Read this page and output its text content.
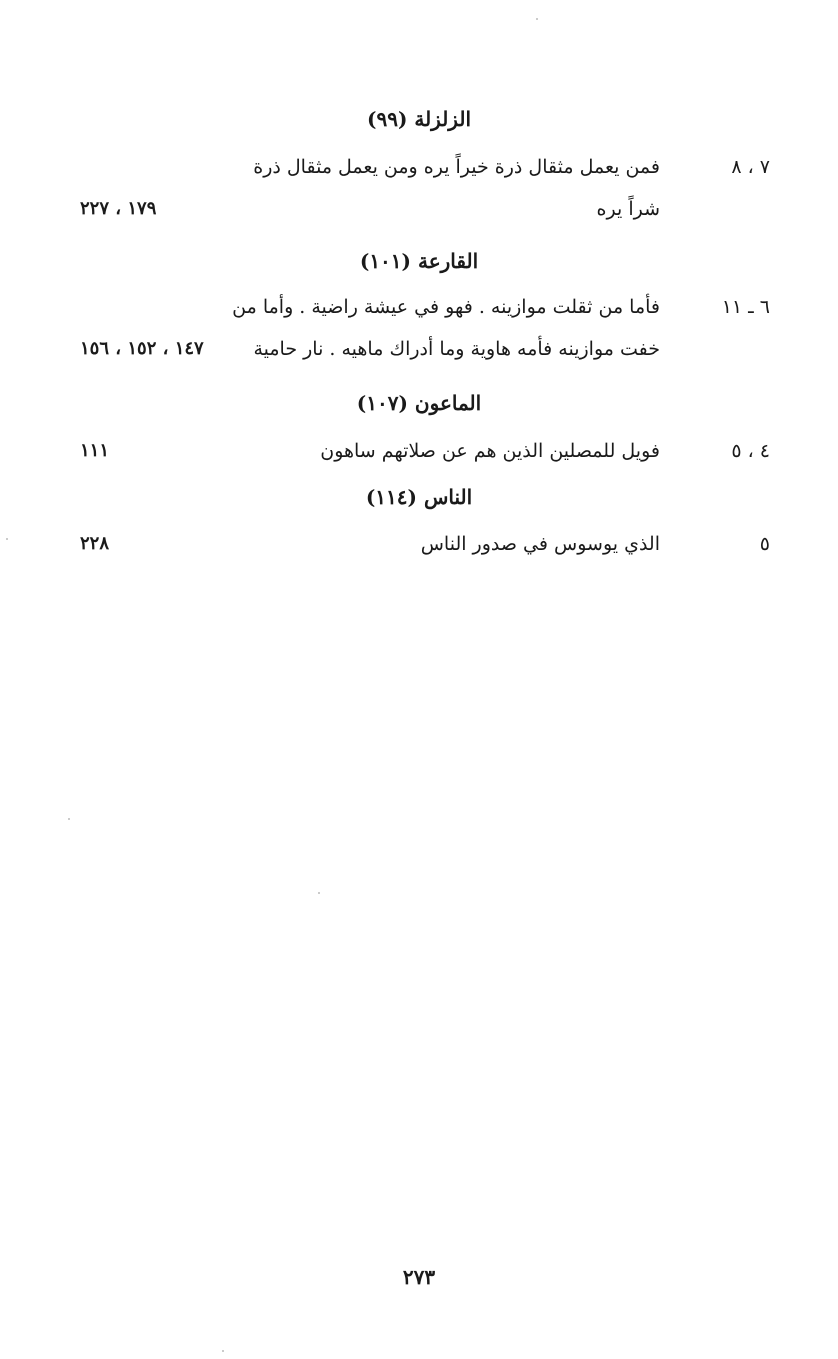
الزلزلة (٩٩)
٧ ، ٨
فمن يعمل مثقال ذرة خيراً يره ومن يعمل مثقال ذرة
شراً يره
١٧٩ ، ٢٢٧
القارعة (١٠١)
٦ ـ ١١
فأما من ثقلت موازينه . فهو في عيشة راضية . وأما من
خفت موازينه فأمه هاوية وما أدراك ماهيه . نار حامية
١٤٧ ، ١٥٢ ، ١٥٦
الماعون (١٠٧)
٤ ، ٥
فويل للمصلين الذين هم عن صلاتهم ساهون
١١١
الناس (١١٤)
٥
الذي يوسوس في صدور الناس
٢٢٨
٢٧٣
